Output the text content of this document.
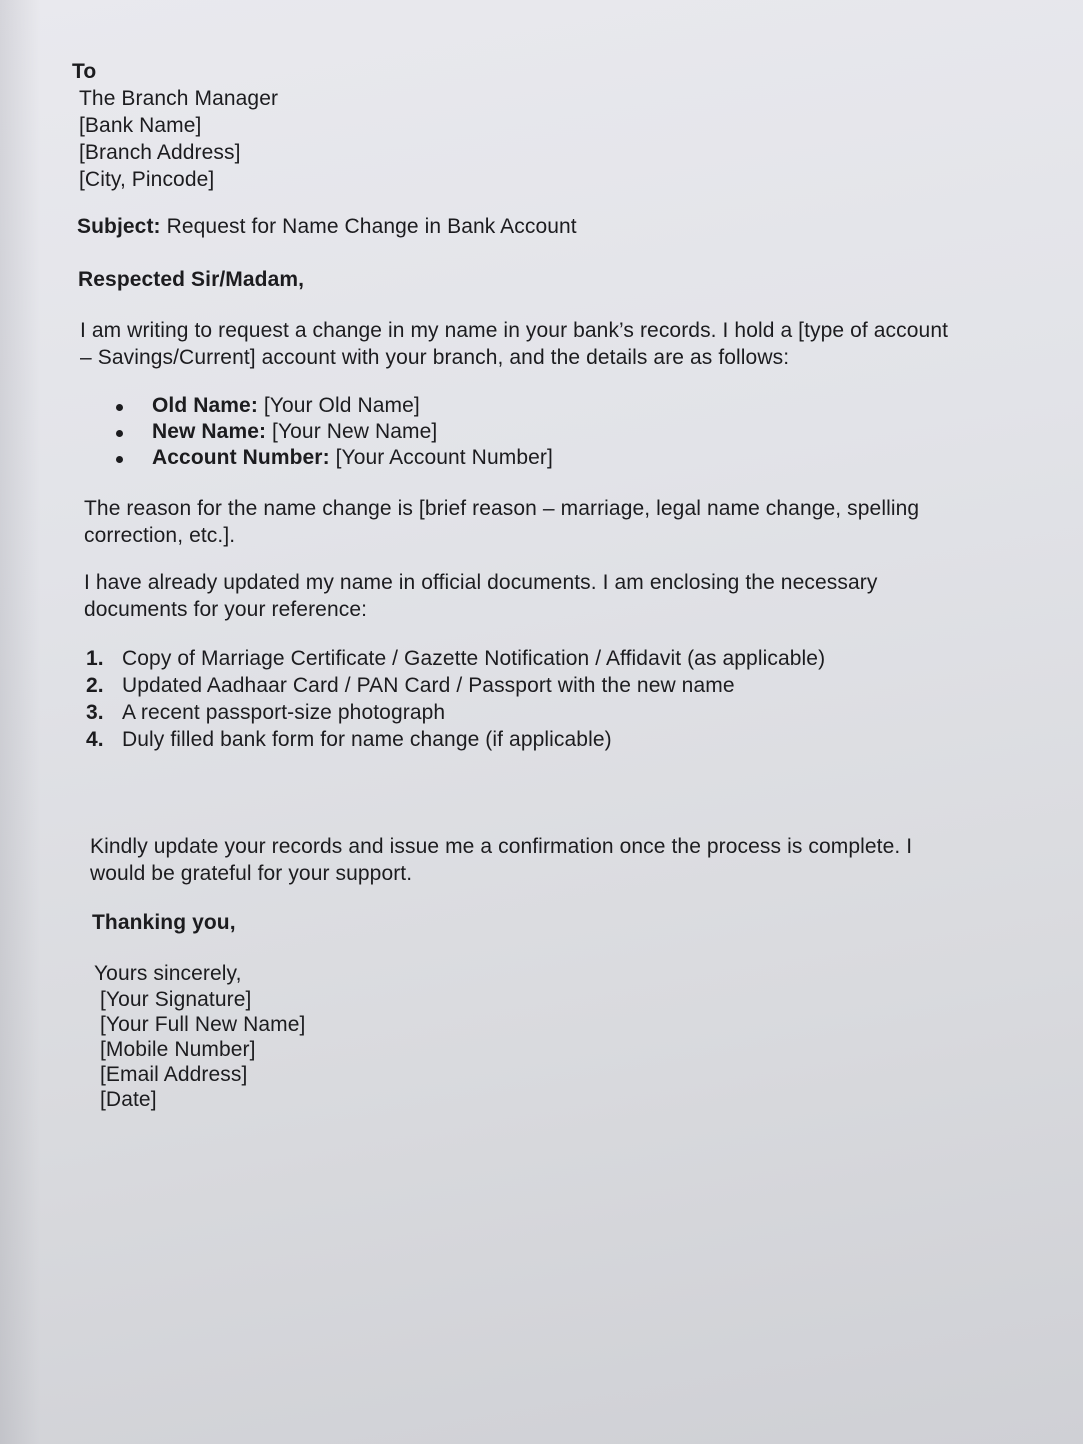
To
The Branch Manager
[Bank Name]
[Branch Address]
[City, Pincode]
Subject: Request for Name Change in Bank Account
Respected Sir/Madam,
I am writing to request a change in my name in your bank’s records. I hold a [type of account
– Savings/Current] account with your branch, and the details are as follows:
Old Name: [Your Old Name]
New Name: [Your New Name]
Account Number: [Your Account Number]
The reason for the name change is [brief reason – marriage, legal name change, spelling
correction, etc.].
I have already updated my name in official documents. I am enclosing the necessary
documents for your reference:
1. Copy of Marriage Certificate / Gazette Notification / Affidavit (as applicable)
2. Updated Aadhaar Card / PAN Card / Passport with the new name
3. A recent passport-size photograph
4. Duly filled bank form for name change (if applicable)
Kindly update your records and issue me a confirmation once the process is complete. I
would be grateful for your support.
Thanking you,
Yours sincerely,
[Your Signature]
[Your Full New Name]
[Mobile Number]
[Email Address]
[Date]
